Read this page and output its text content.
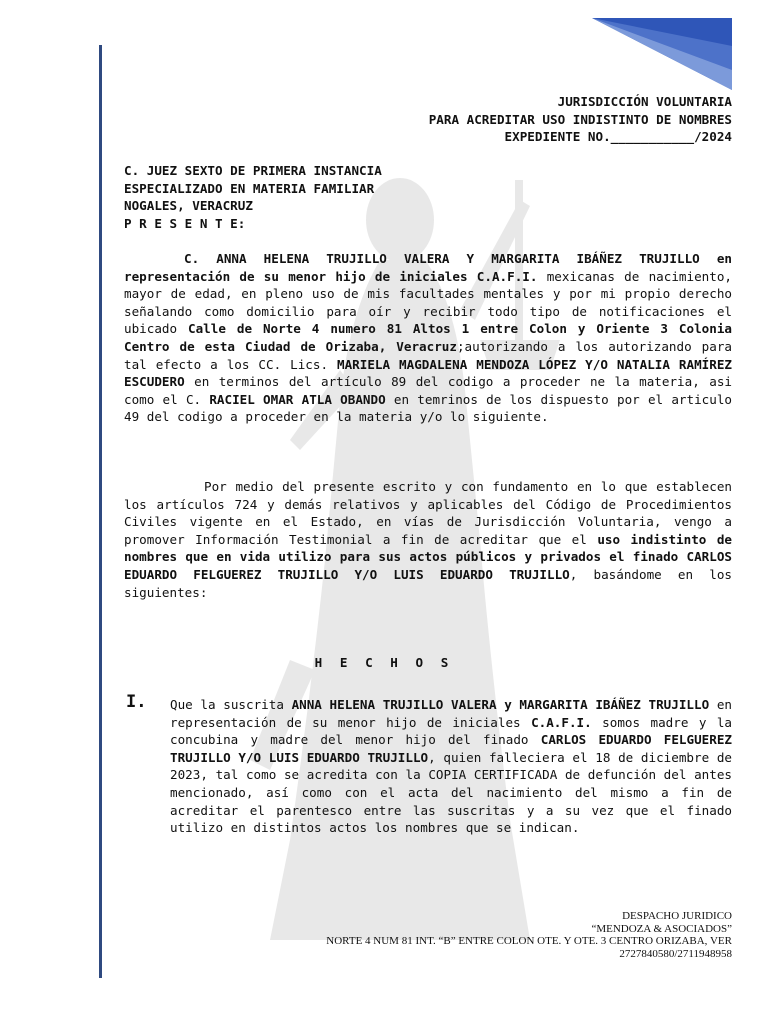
JURISDICCIÓN VOLUNTARIA
PARA ACREDITAR USO INDISTINTO DE NOMBRES
EXPEDIENTE NO.___________/2024
C. JUEZ SEXTO DE PRIMERA INSTANCIA
ESPECIALIZADO EN MATERIA FAMILIAR
NOGALES, VERACRUZ
P R E S E N T E:
C. ANNA HELENA TRUJILLO VALERA Y MARGARITA IBÁÑEZ TRUJILLO en representación de su menor hijo de iniciales C.A.F.I. mexicanas de nacimiento, mayor de edad, en pleno uso de mis facultades mentales y por mi propio derecho señalando como domicilio para oír y recibir todo tipo de notificaciones el ubicado Calle de Norte 4 numero 81 Altos 1 entre Colon y Oriente 3 Colonia Centro de esta Ciudad de Orizaba, Veracruz;autorizando a los autorizando para tal efecto a los CC. Lics. MARIELA MAGDALENA MENDOZA LÓPEZ Y/O NATALIA RAMÍREZ ESCUDERO en terminos del artículo 89 del codigo a proceder ne la materia, asi como el C. RACIEL OMAR ATLA OBANDO en temrinos de los dispuesto por el articulo 49 del codigo a proceder en la materia y/o lo siguiente.
Por medio del presente escrito y con fundamento en lo que establecen los artículos 724 y demás relativos y aplicables del Código de Procedimientos Civiles vigente en el Estado, en vías de Jurisdicción Voluntaria, vengo a promover Información Testimonial a fin de acreditar que el uso indistinto de nombres que en vida utilizo para sus actos públicos y privados el finado CARLOS EDUARDO FELGUEREZ TRUJILLO Y/O LUIS EDUARDO TRUJILLO, basándome en los siguientes:
H E C H O S
I. Que la suscrita ANNA HELENA TRUJILLO VALERA y MARGARITA IBÁÑEZ TRUJILLO en representación de su menor hijo de iniciales C.A.F.I. somos madre y la concubina y madre del menor hijo del finado CARLOS EDUARDO FELGUEREZ TRUJILLO Y/O LUIS EDUARDO TRUJILLO, quien falleciera el 18 de diciembre de 2023, tal como se acredita con la COPIA CERTIFICADA de defunción del antes mencionado, así como con el acta del nacimiento del mismo a fin de acreditar el parentesco entre las suscritas y a su vez que el finado utilizo en distintos actos los nombres que se indican.
DESPACHO JURIDICO
“MENDOZA & ASOCIADOS”
NORTE 4 NUM 81 INT. “B” ENTRE COLON OTE. Y OTE. 3 CENTRO ORIZABA, VER
2727840580/2711948958
